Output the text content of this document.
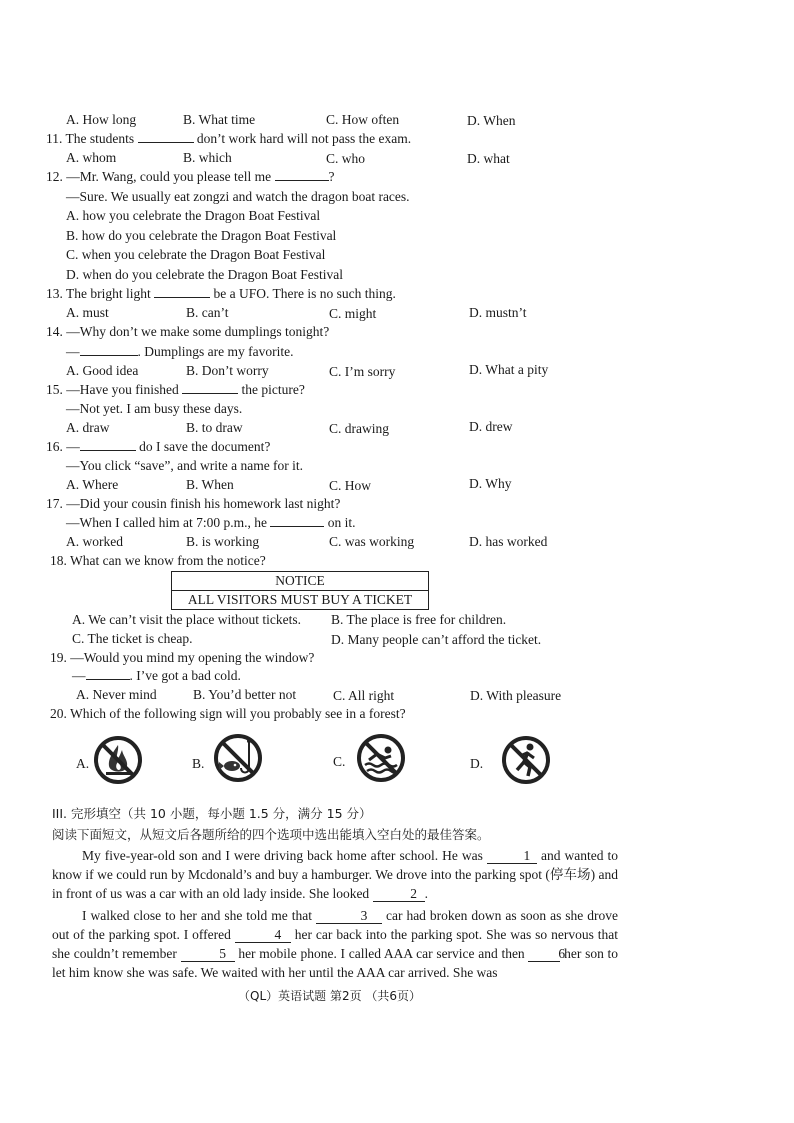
A. How long	B. What time	C. How often	D. When
11. The students	don’t work hard will not pass the exam.
A. whom	B. which	C. who	D. what
12. —Mr. Wang, could you please tell me	?
—Sure. We usually eat zongzi and watch the dragon boat races.
A. how you celebrate the Dragon Boat Festival
B. how do you celebrate the Dragon Boat Festival
C. when you celebrate the Dragon Boat Festival
D. when do you celebrate the Dragon Boat Festival
13. The bright light	be a UFO. There is no such thing.
A. must	B. can’t	C. might	D. mustn’t
14. —Why don’t we make some dumplings tonight?
—	. Dumplings are my favorite.
A. Good idea	B. Don’t worry	C. I’m sorry	D. What a pity
15. —Have you finished	the picture?
—Not yet. I am busy these days.
A. draw	B. to draw	C. drawing	D. drew
16. —	do I save the document?
—You click “save”, and write a name for it.
A. Where	B. When	C. How	D. Why
17. —Did your cousin finish his homework last night?
—When I called him at 7:00 p.m., he	on it.
A. worked	B. is working	C. was working	D. has worked
18. What can we know from the notice?
NOTICE
ALL VISITORS MUST BUY A TICKET
A. We can’t visit the place without tickets. B. The place is free for children.
C. The ticket is cheap.	D. Many people can’t afford the ticket.
19. —Would you mind my opening the window?
—	. I’ve got a bad cold.
A. Never mind	B. You’d better not	C. All right	D. With pleasure
20. Which of the following sign will you probably see in a forest?
A.	B.	C.	D.
III. 完形填空（共 10 小题，每小题 1.5 分，满分 15 分）
阅读下面短文，从短文后各题所给的四个选项中选出能填入空白处的最佳答案。
My five-year-old son and I were driving back home after school. He was	1 and wanted to know if we could run by Mcdonald’s and buy a hamburger. We drove into the parking spot (停车场) and in front of us was a car with an old lady inside. She looked	2 .
I walked close to her and she told me that	3 car had broken down as soon as she drove out of the parking spot. I offered	4 her car back into the parking spot. She was so nervous that she couldn’t remember	5 her mobile phone. I called AAA car service and then 6 her son to let him know she was safe. We waited with her until the AAA car arrived. She was
（QL）英语试题 第2页 （共6页）
